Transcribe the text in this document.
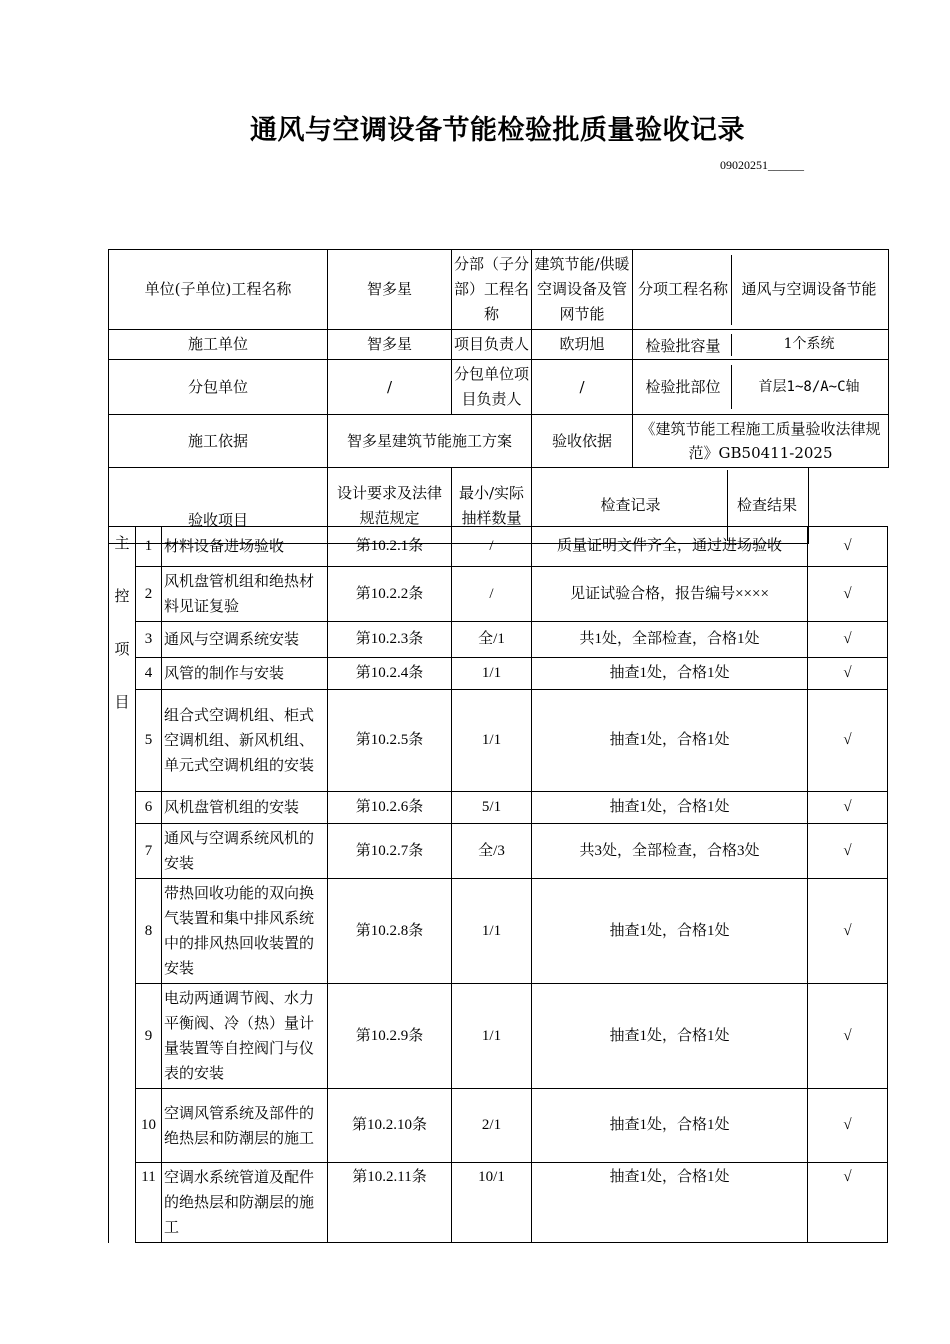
通风与空调设备节能检验批质量验收记录
09020251______
单位(子单位)工程名称	智多星	分部（子分部）工程名称	建筑节能/供暖空调设备及管网节能	分项工程名称 通风与空调设备节能

施工单位	智多星	项目负责人	欧玥旭	检验批容量 1个系统

分包单位	/	分包单位项目负责人	/	检验批部位 首层1~8/A~C轴

施工依据	智多星建筑节能施工方案		验收依据	《建筑节能工程施工质量验收法律规范》GB50411-2025
验收项目	设计要求及法律规范规定	最小/实际抽样数量	检查记录 检查结果	
主
控
项
目	1	材料设备进场验收	第10.2.1条	/	质量证明文件齐全，通过进场验收	√
	2	风机盘管机组和绝热材料见证复验	第10.2.2条	/	见证试验合格，报告编号××××	√
	3	通风与空调系统安装	第10.2.3条	全/1	共1处，全部检查，合格1处	√
	4	风管的制作与安装	第10.2.4条	1/1	抽查1处，合格1处	√
	5	组合式空调机组、柜式空调机组、新风机组、单元式空调机组的安装	第10.2.5条	1/1	抽查1处，合格1处	√
	6	风机盘管机组的安装	第10.2.6条	5/1	抽查1处，合格1处	√
	7	通风与空调系统风机的安装	第10.2.7条	全/3	共3处，全部检查，合格3处	√
	8	带热回收功能的双向换气装置和集中排风系统中的排风热回收装置的安装	第10.2.8条	1/1	抽查1处，合格1处	√
	9	电动两通调节阀、水力平衡阀、冷（热）量计量装置等自控阀门与仪表的安装	第10.2.9条	1/1	抽查1处，合格1处	√
	10	空调风管系统及部件的绝热层和防潮层的施工	第10.2.10条	2/1	抽查1处，合格1处	√
	11	空调水系统管道及配件的绝热层和防潮层的施工	第10.2.11条	10/1	抽查1处，合格1处	√
